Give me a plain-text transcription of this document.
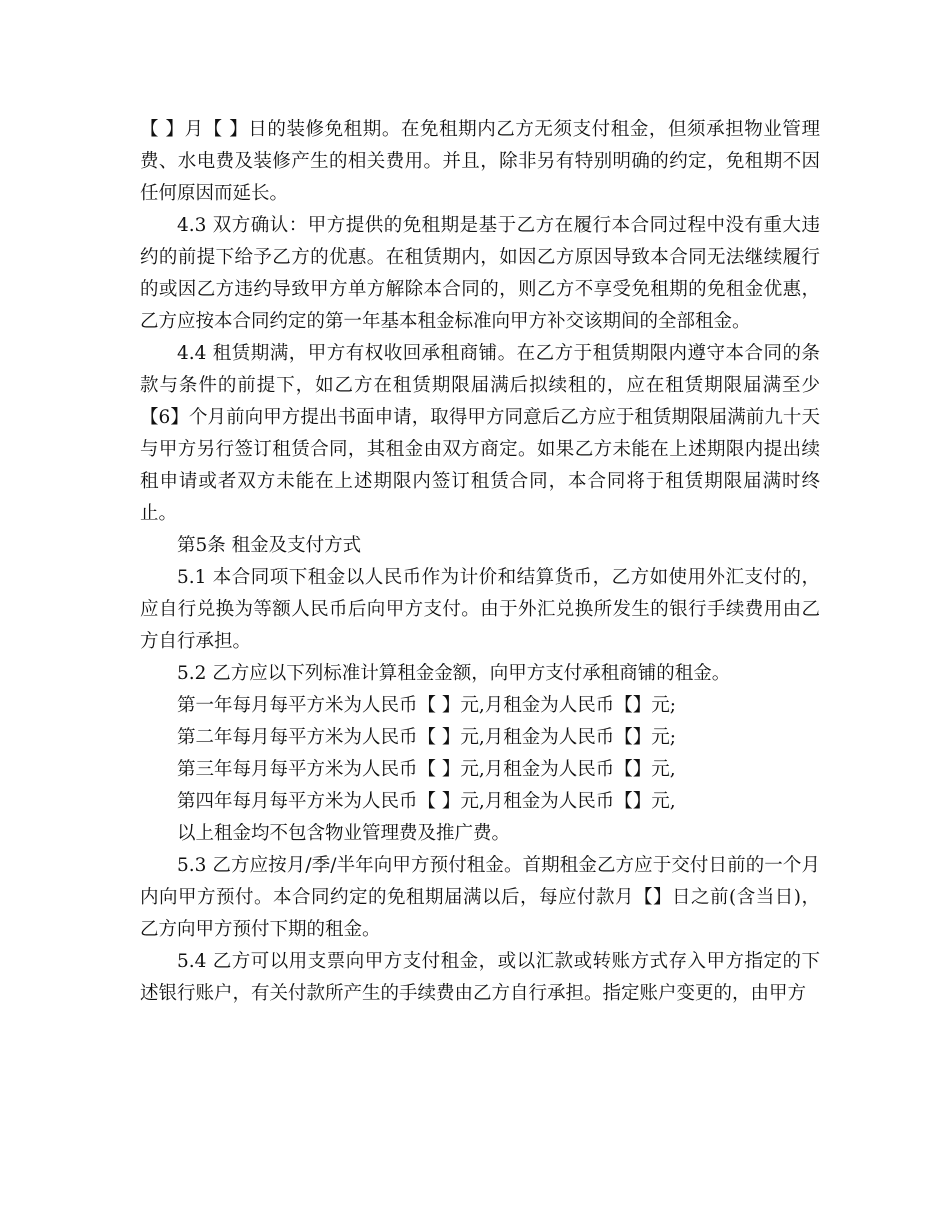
【 】月【 】日的装修免租期。在免租期内乙方无须支付租金，但须承担物业管理费、水电费及装修产生的相关费用。并且，除非另有特别明确的约定，免租期不因任何原因而延长。

4.3 双方确认：甲方提供的免租期是基于乙方在履行本合同过程中没有重大违约的前提下给予乙方的优惠。在租赁期内，如因乙方原因导致本合同无法继续履行的或因乙方违约导致甲方单方解除本合同的，则乙方不享受免租期的免租金优惠，乙方应按本合同约定的第一年基本租金标准向甲方补交该期间的全部租金。

4.4 租赁期满，甲方有权收回承租商铺。在乙方于租赁期限内遵守本合同的条款与条件的前提下，如乙方在租赁期限届满后拟续租的，应在租赁期限届满至少【6】个月前向甲方提出书面申请，取得甲方同意后乙方应于租赁期限届满前九十天与甲方另行签订租赁合同，其租金由双方商定。如果乙方未能在上述期限内提出续租申请或者双方未能在上述期限内签订租赁合同，本合同将于租赁期限届满时终止。

第5条 租金及支付方式

5.1 本合同项下租金以人民币作为计价和结算货币，乙方如使用外汇支付的，应自行兑换为等额人民币后向甲方支付。由于外汇兑换所发生的银行手续费用由乙方自行承担。

5.2 乙方应以下列标准计算租金金额，向甲方支付承租商铺的租金。

第一年每月每平方米为人民币【 】元,月租金为人民币【】元;

第二年每月每平方米为人民币【 】元,月租金为人民币【】元;

第三年每月每平方米为人民币【 】元,月租金为人民币【】元,

第四年每月每平方米为人民币【 】元,月租金为人民币【】元,

以上租金均不包含物业管理费及推广费。

5.3 乙方应按月/季/半年向甲方预付租金。首期租金乙方应于交付日前的一个月内向甲方预付。本合同约定的免租期届满以后，每应付款月【】日之前(含当日)，乙方向甲方预付下期的租金。

5.4 乙方可以用支票向甲方支付租金，或以汇款或转账方式存入甲方指定的下述银行账户，有关付款所产生的手续费由乙方自行承担。指定账户变更的，由甲方
